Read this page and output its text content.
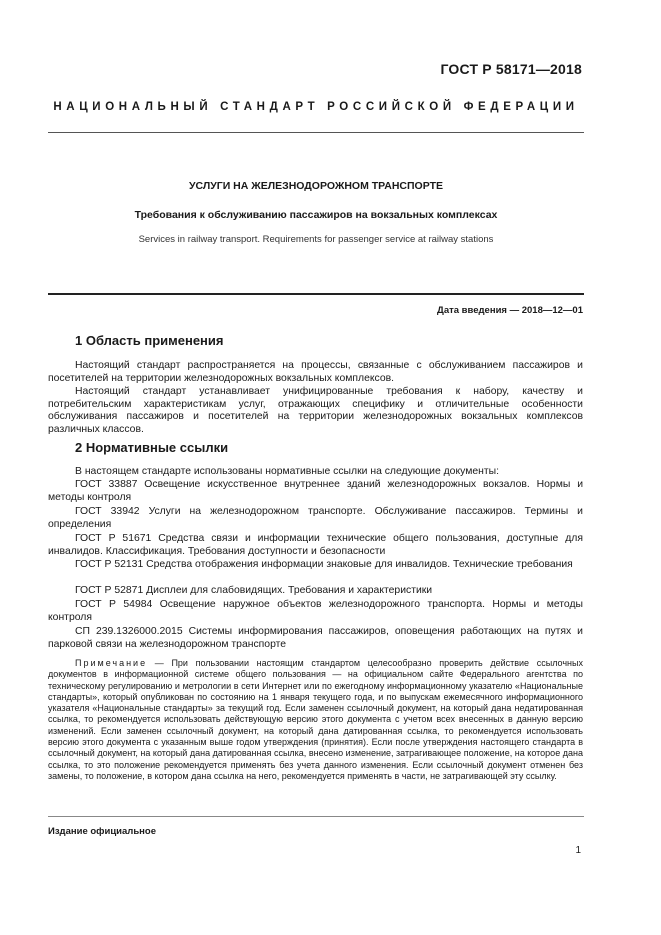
ГОСТ Р 58171—2018
НАЦИОНАЛЬНЫЙ СТАНДАРТ РОССИЙСКОЙ ФЕДЕРАЦИИ
УСЛУГИ НА ЖЕЛЕЗНОДОРОЖНОМ ТРАНСПОРТЕ
Требования к обслуживанию пассажиров на вокзальных комплексах
Services in railway transport. Requirements for passenger service at railway stations
Дата введения — 2018—12—01
1 Область применения
Настоящий стандарт распространяется на процессы, связанные с обслуживанием пассажиров и посетителей на территории железнодорожных вокзальных комплексов.
Настоящий стандарт устанавливает унифицированные требования к набору, качеству и потребительским характеристикам услуг, отражающих специфику и отличительные особенности обслуживания пассажиров и посетителей на территории железнодорожных вокзальных комплексов различных классов.
2 Нормативные ссылки
В настоящем стандарте использованы нормативные ссылки на следующие документы:
ГОСТ 33887 Освещение искусственное внутреннее зданий железнодорожных вокзалов. Нормы и методы контроля
ГОСТ 33942 Услуги на железнодорожном транспорте. Обслуживание пассажиров. Термины и определения
ГОСТ Р 51671 Средства связи и информации технические общего пользования, доступные для инвалидов. Классификация. Требования доступности и безопасности
ГОСТ Р 52131 Средства отображения информации знаковые для инвалидов. Технические требования
ГОСТ Р 52871 Дисплеи для слабовидящих. Требования и характеристики
ГОСТ Р 54984 Освещение наружное объектов железнодорожного транспорта. Нормы и методы контроля
СП 239.1326000.2015 Системы информирования пассажиров, оповещения работающих на путях и парковой связи на железнодорожном транспорте
Примечание — При пользовании настоящим стандартом целесообразно проверить действие ссылочных документов в информационной системе общего пользования — на официальном сайте Федерального агентства по техническому регулированию и метрологии в сети Интернет или по ежегодному информационному указателю «Национальные стандарты», который опубликован по состоянию на 1 января текущего года, и по выпускам ежемесячного информационного указателя «Национальные стандарты» за текущий год. Если заменен ссылочный документ, на который дана недатированная ссылка, то рекомендуется использовать действующую версию этого документа с учетом всех внесенных в данную версию изменений. Если заменен ссылочный документ, на который дана датированная ссылка, то рекомендуется использовать версию этого документа с указанным выше годом утверждения (принятия). Если после утверждения настоящего стандарта в ссылочный документ, на который дана датированная ссылка, внесено изменение, затрагивающее положение, на которое дана ссылка, то это положение рекомендуется применять без учета данного изменения. Если ссылочный документ отменен без замены, то положение, в котором дана ссылка на него, рекомендуется применять в части, не затрагивающей эту ссылку.
Издание официальное
1
